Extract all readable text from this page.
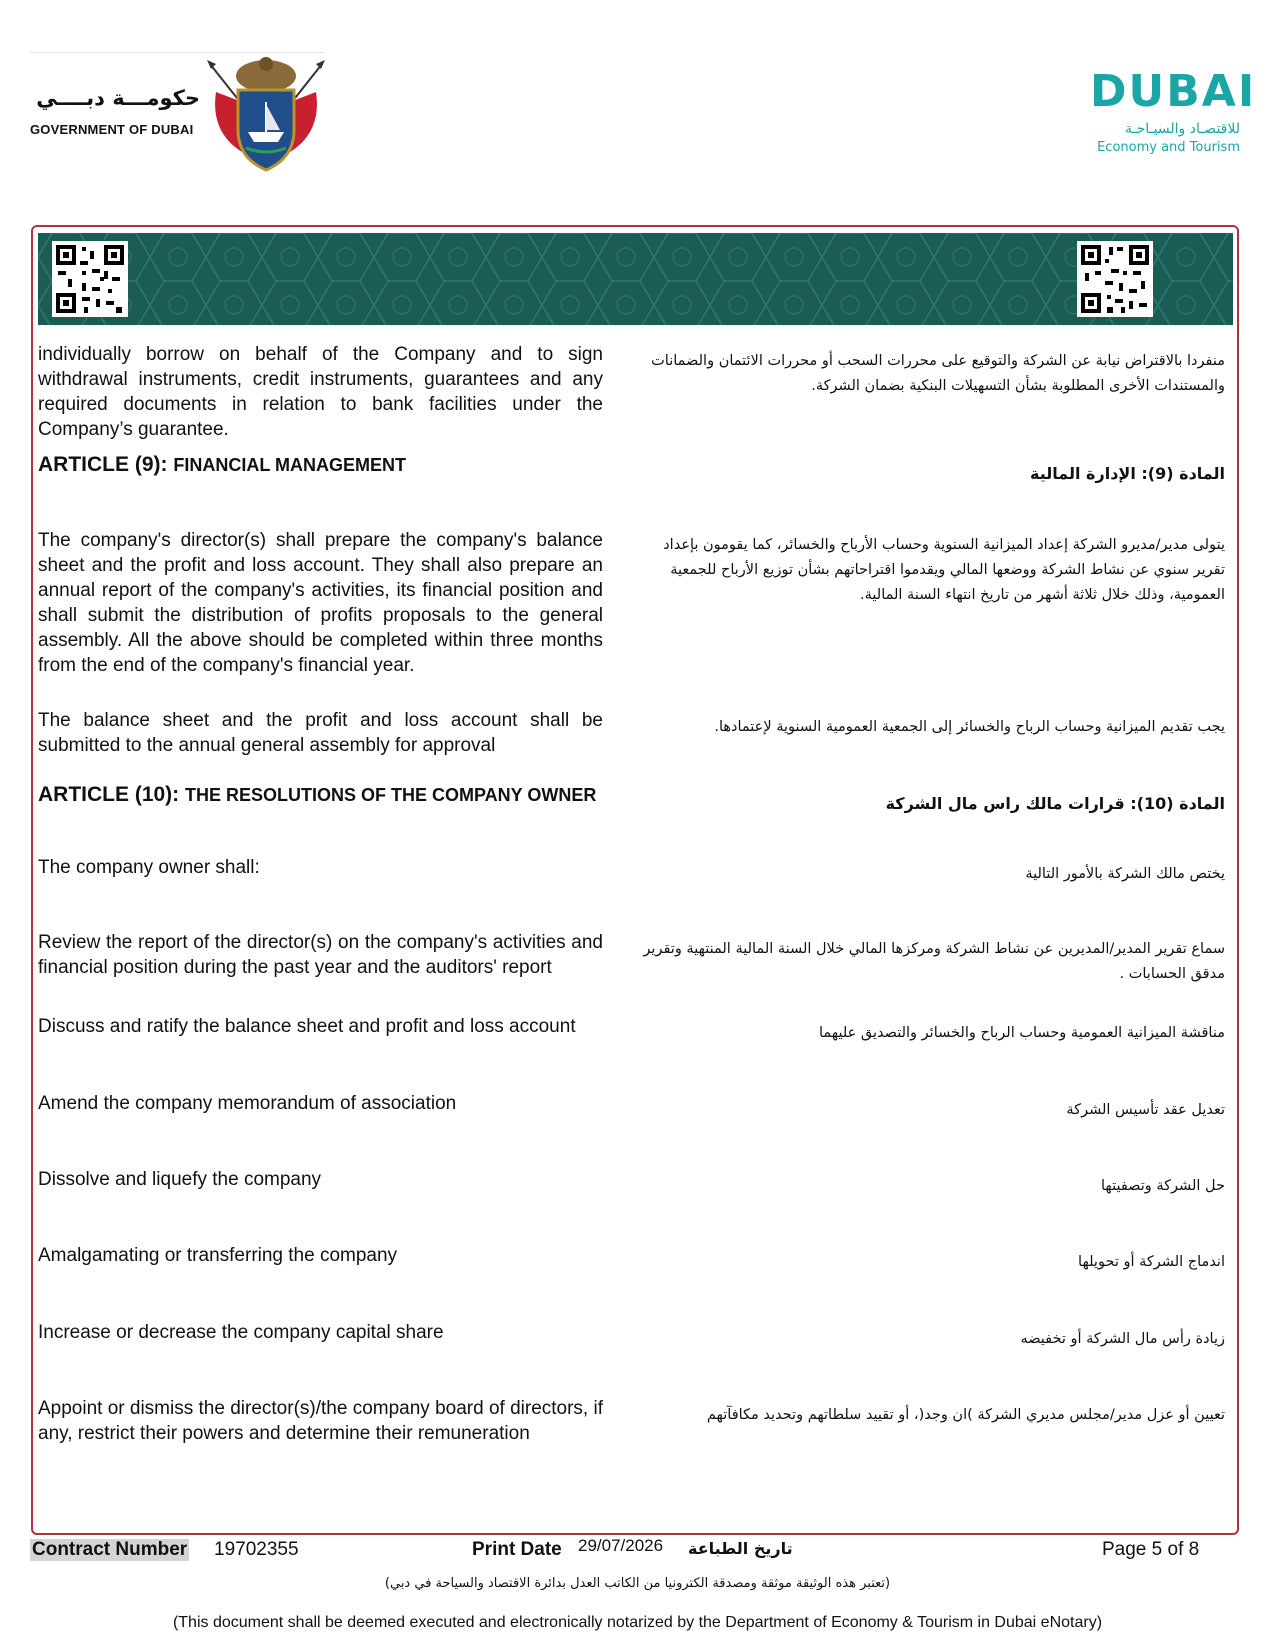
حكومـــة دبــــي
GOVERNMENT OF DUBAI
DUBAI
للاقتصـاد والسيـاحـة
Economy and Tourism
individually borrow on behalf of the Company and to sign withdrawal instruments, credit instruments, guarantees and any required documents in relation to bank facilities under the Company’s guarantee.
منفردا بالاقتراض نيابة عن الشركة والتوقيع على محررات السحب أو محررات الائتمان والضمانات والمستندات الأخرى المطلوبة بشأن التسهيلات البنكية بضمان الشركة.
ARTICLE (9): FINANCIAL MANAGEMENT	المادة (9): الإدارة المالية
The company's director(s) shall prepare the company's balance sheet and the profit and loss account. They shall also prepare an annual report of the company's activities, its financial position and shall submit the distribution of profits proposals to the general assembly. All the above should be completed within three months from the end of the company's financial year.
يتولى مدير/مديرو الشركة إعداد الميزانية السنوية وحساب الأرباح والخسائر، كما يقومون بإعداد تقرير سنوي عن نشاط الشركة ووضعها المالي ويقدموا اقتراحاتهم بشأن توزيع الأرباح للجمعية العمومية، وذلك خلال ثلاثة أشهر من تاريخ انتهاء السنة المالية.
The balance sheet and the profit and loss account shall be submitted to the annual general assembly for approval
يجب تقديم الميزانية وحساب الرباح والخسائر إلى الجمعية العمومية السنوية لإعتمادها.
ARTICLE (10): THE RESOLUTIONS OF THE COMPANY OWNER	المادة (10): قرارات مالك راس مال الشركة
The company owner shall:	يختص مالك الشركة بالأمور التالية
Review the report of the director(s) on the company's activities and financial position during the past year and the auditors' report
سماع تقرير المدير/المديرين عن نشاط الشركة ومركزها المالي خلال السنة المالية المنتهية وتقرير مدقق الحسابات .
Discuss and ratify the balance sheet and profit and loss account	مناقشة الميزانية العمومية وحساب الرباح والخسائر والتصديق عليهما
Amend the company memorandum of association	تعديل عقد تأسيس الشركة
Dissolve and liquefy the company	حل الشركة وتصفيتها
Amalgamating or transferring the company	اندماج الشركة أو تحويلها
Increase or decrease the company capital share	زيادة رأس مال الشركة أو تخفيضه
Appoint or dismiss the director(s)/the company board of directors, if any, restrict their powers and determine their remuneration
تعيين أو عزل مدير/مجلس مديري الشركة )ان وجد(، أو تقييد سلطاتهم وتحديد مكافآتهم
Contract Number 19702355	Print Date 29/07/2026 تاريخ الطباعة	Page 5 of 8
(تعتبر هذه الوثيقة موثقة ومصدقة الكترونيا من الكاتب العدل بدائرة الاقتصاد والسياحة في دبي)
(This document shall be deemed executed and electronically notarized by the Department of Economy & Tourism in Dubai eNotary)
